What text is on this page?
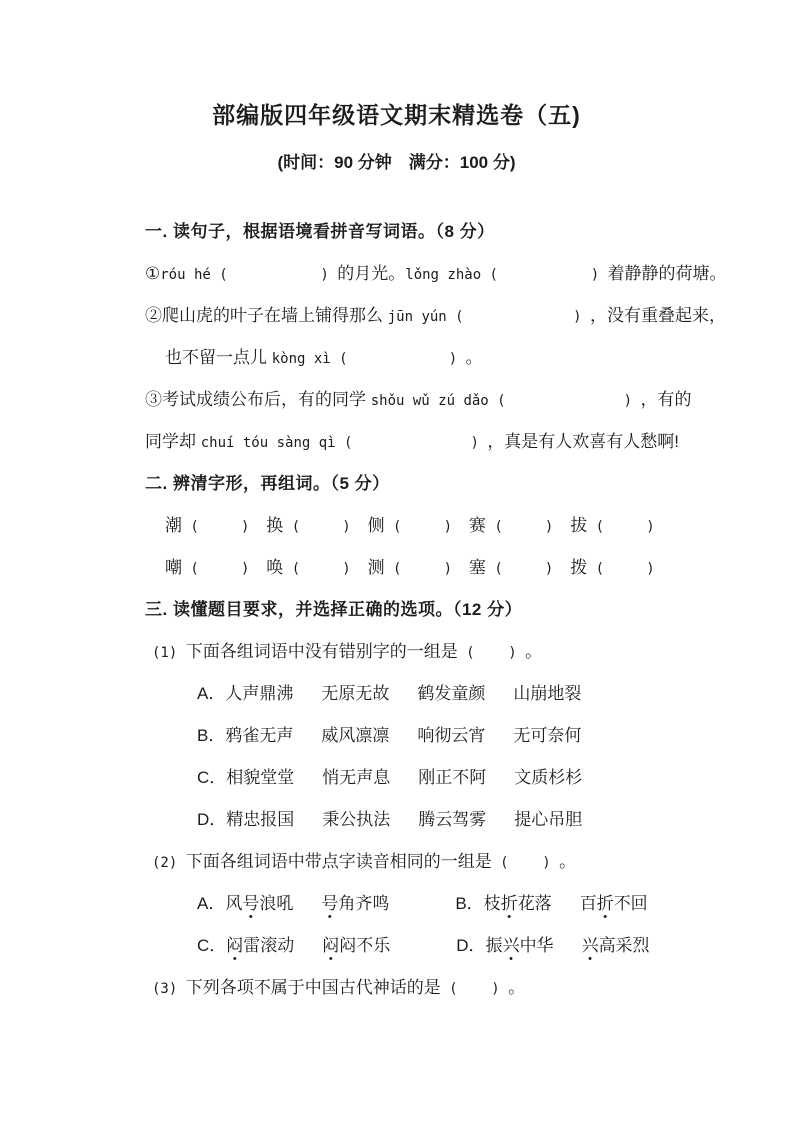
部编版四年级语文期末精选卷（五)
(时间：90 分钟　满分：100 分)
一. 读句子，根据语境看拼音写词语。（8 分）
①róu hé (           ) 的月光。lǒng zhào (           ) 着静静的荷塘。
②爬山虎的叶子在墙上铺得那么 jūn yún (             ) ，没有重叠起来，
也不留一点儿 kòng xì (            ) 。
③考试成绩公布后，有的同学 shǒu wǔ zú dǎo (              ) ，有的
同学却 chuí tóu sàng qì (              ) ，真是有人欢喜有人愁啊!
二. 辨清字形，再组词。（5 分）
潮 (     )  换 (     )  侧 (     )  赛 (     )  拔 (     )
嘲 (     )  唤 (     )  测 (     )  塞 (     )  拨 (     )
三. 读懂题目要求，并选择正确的选项。（12 分）
(1) 下面各组词语中没有错别字的一组是 (    ) 。
A．人声鼎沸 无原无故 鹤发童颜 山崩地裂
B．鸦雀无声 威风凛凛 响彻云宵 无可奈何
C．相貌堂堂 悄无声息 刚正不阿 文质杉杉
D．精忠报国 秉公执法 腾云驾雾 提心吊胆
(2) 下面各组词语中带点字读音相同的一组是 (    ) 。
A．风号浪吼 号角齐鸣	B．枝折花落 百折不回
C．闷雷滚动 闷闷不乐	D．振兴中华 兴高采烈
(3) 下列各项不属于中国古代神话的是 (    ) 。
